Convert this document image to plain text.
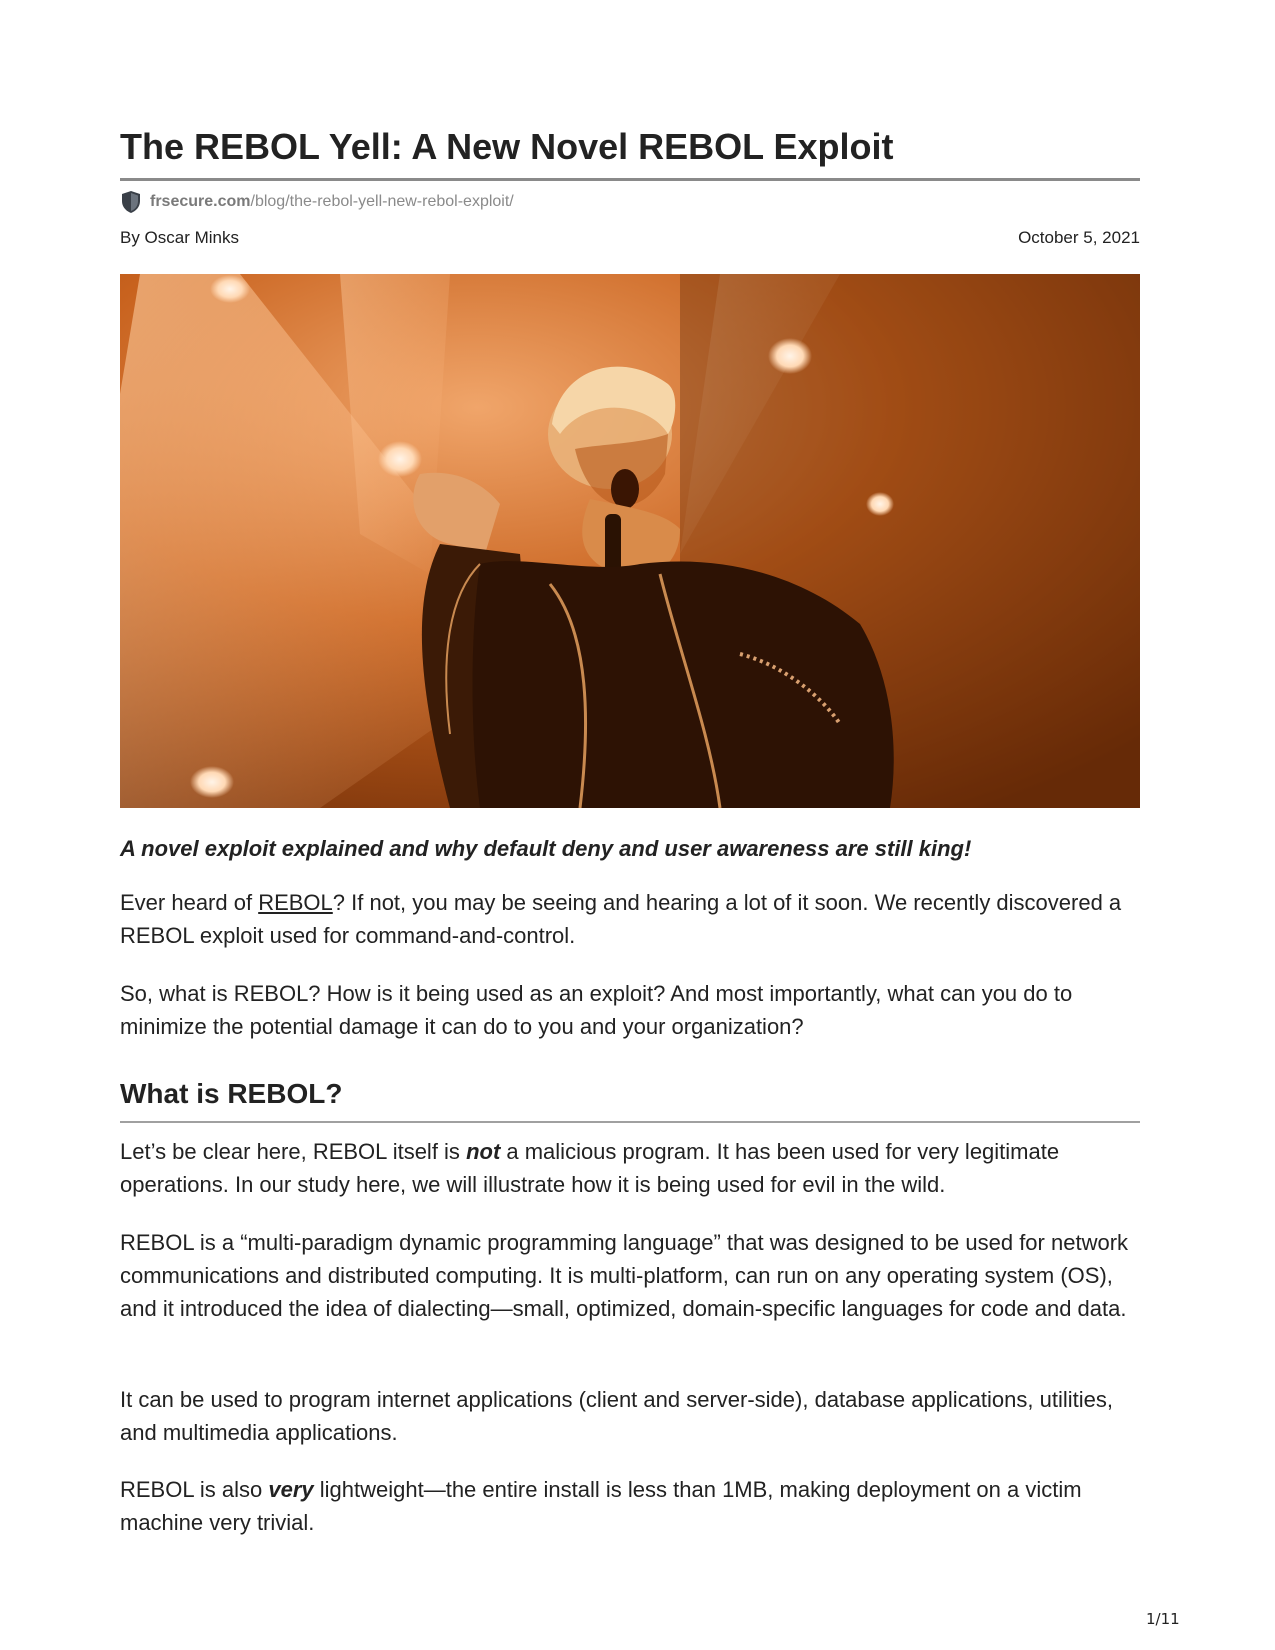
The REBOL Yell: A New Novel REBOL Exploit
frsecure.com /blog/the-rebol-yell-new-rebol-exploit/
By Oscar Minks	October 5, 2021

A novel exploit explained and why default deny and user awareness are still king!

Ever heard of REBOL? If not, you may be seeing and hearing a lot of it soon. We recently discovered a REBOL exploit used for command-and-control.

So, what is REBOL? How is it being used as an exploit? And most importantly, what can you do to minimize the potential damage it can do to you and your organization?

What is REBOL?

Let’s be clear here, REBOL itself is not a malicious program. It has been used for very legitimate operations. In our study here, we will illustrate how it is being used for evil in the wild.

REBOL is a “multi-paradigm dynamic programming language” that was designed to be used for network communications and distributed computing. It is multi-platform, can run on any operating system (OS), and it introduced the idea of dialecting—small, optimized, domain-specific languages for code and data.

It can be used to program internet applications (client and server-side), database applications, utilities, and multimedia applications.

REBOL is also very lightweight—the entire install is less than 1MB, making deployment on a victim machine very trivial.

1/11
